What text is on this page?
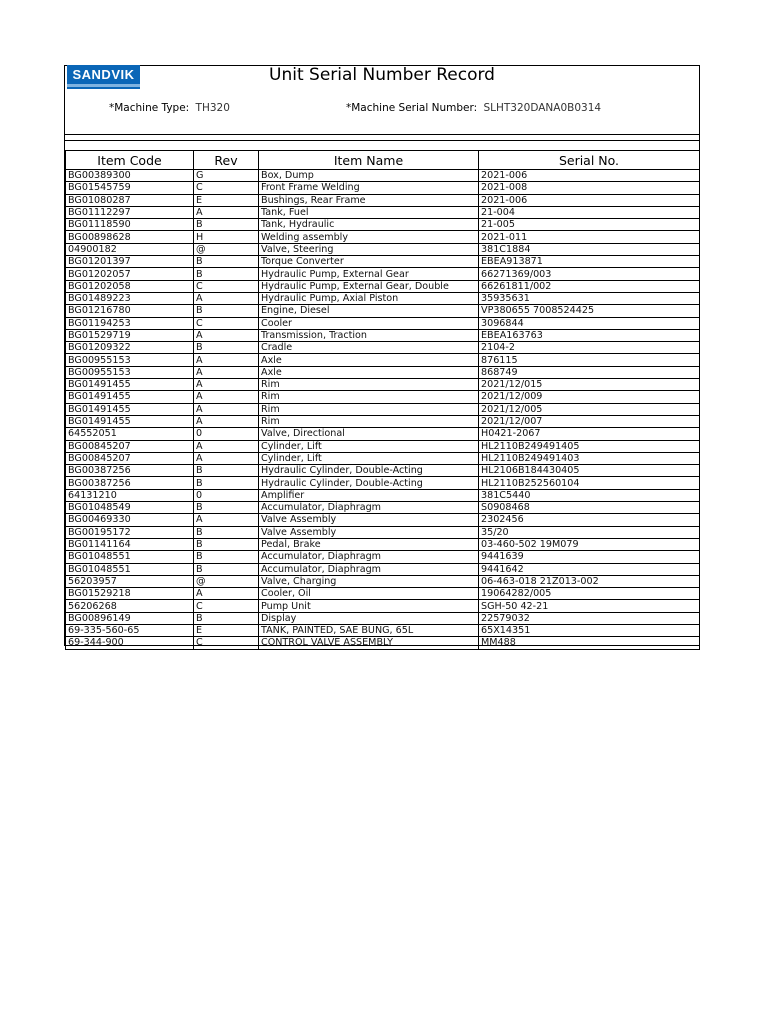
SANDVIK	Unit Serial Number Record
*Machine Type: TH320	*Machine Serial Number: SLHT320DANA0B0314
Item Code	Rev	Item Name	Serial No.
BG00389300	G	Box, Dump	2021-006
BG01545759	C	Front Frame Welding	2021-008
BG01080287	E	Bushings, Rear Frame	2021-006
BG01112297	A	Tank, Fuel	21-004
BG01118590	B	Tank, Hydraulic	21-005
BG00898628	H	Welding assembly	2021-011
04900182	@	Valve, Steering	381C1884
BG01201397	B	Torque Converter	EBEA913871
BG01202057	B	Hydraulic Pump, External Gear	66271369/003
BG01202058	C	Hydraulic Pump, External Gear, Double	66261811/002
BG01489223	A	Hydraulic Pump, Axial Piston	35935631
BG01216780	B	Engine, Diesel	VP380655 7008524425
BG01194253	C	Cooler	3096844
BG01529719	A	Transmission, Traction	EBEA163763
BG01209322	B	Cradle	2104-2
BG00955153	A	Axle	876115
BG00955153	A	Axle	868749
BG01491455	A	Rim	2021/12/015
BG01491455	A	Rim	2021/12/009
BG01491455	A	Rim	2021/12/005
BG01491455	A	Rim	2021/12/007
64552051	0	Valve, Directional	H0421-2067
BG00845207	A	Cylinder, Lift	HL2110B249491405
BG00845207	A	Cylinder, Lift	HL2110B249491403
BG00387256	B	Hydraulic Cylinder, Double-Acting	HL2106B184430405
BG00387256	B	Hydraulic Cylinder, Double-Acting	HL2110B252560104
64131210	0	Amplifier	381C5440
BG01048549	B	Accumulator, Diaphragm	S0908468
BG00469330	A	Valve Assembly	2302456
BG00195172	B	Valve Assembly	35/20
BG01141164	B	Pedal, Brake	03-460-502 19M079
BG01048551	B	Accumulator, Diaphragm	9441639
BG01048551	B	Accumulator, Diaphragm	9441642
56203957	@	Valve, Charging	06-463-018 21Z013-002
BG01529218	A	Cooler, Oil	19064282/005
56206268	C	Pump Unit	SGH-50 42-21
BG00896149	B	Display	22579032
69-335-560-65	E	TANK, PAINTED, SAE BUNG, 65L	65X14351
69-344-900	C	CONTROL VALVE ASSEMBLY	MM488
